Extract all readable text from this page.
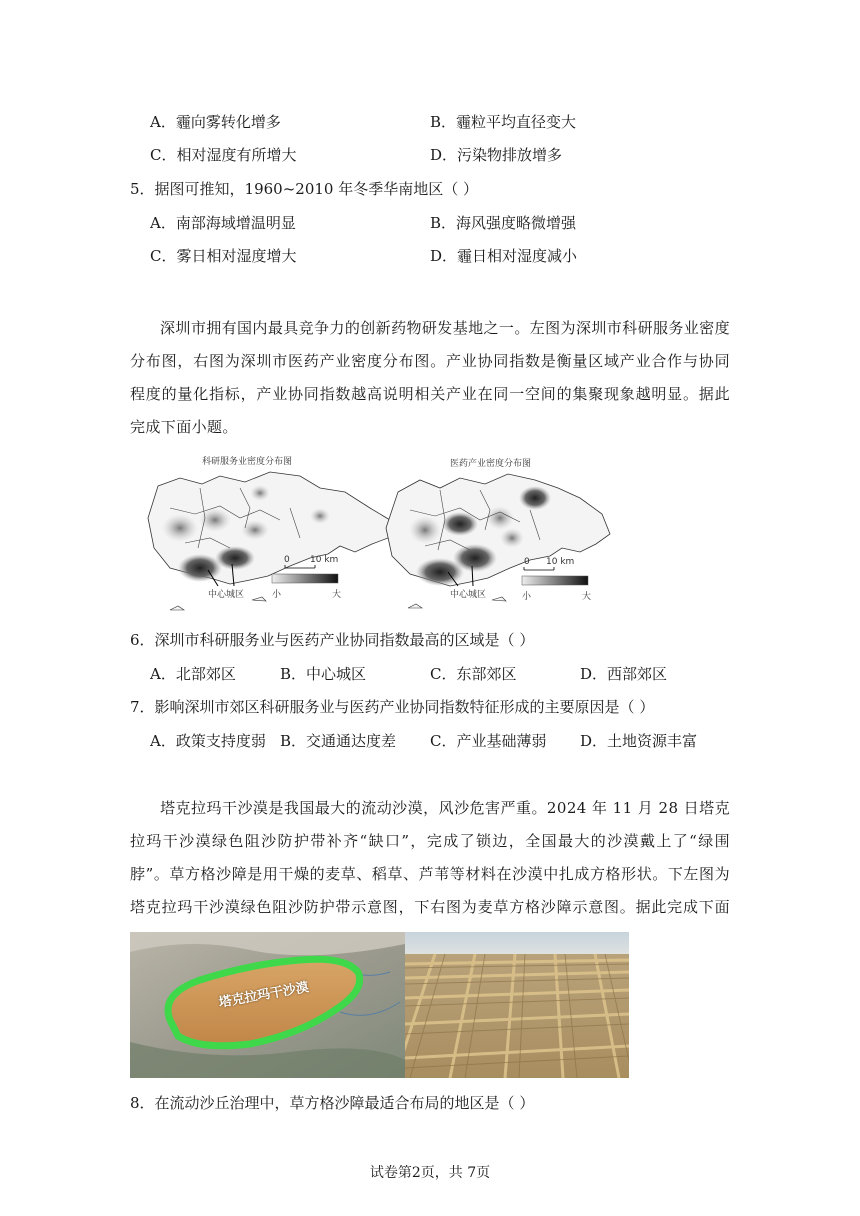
A．霾向雾转化增多	B．霾粒平均直径变大
C．相对湿度有所增大	D．污染物排放增多
5．据图可推知，1960~2010 年冬季华南地区（ ）
A．南部海域增温明显	B．海风强度略微增强
C．雾日相对湿度增大	D．霾日相对湿度减小
深圳市拥有国内最具竞争力的创新药物研发基地之一。左图为深圳市科研服务业密度分布图，右图为深圳市医药产业密度分布图。产业协同指数是衡量区域产业合作与协同程度的量化指标，产业协同指数越高说明相关产业在同一空间的集聚现象越明显。据此完成下面小题。
科研服务业密度分布图	医药产业密度分布图
0 10 km
小	大
中心城区
0 10 km
小	大
中心城区
6．深圳市科研服务业与医药产业协同指数最高的区域是（ ）
A．北部郊区	B．中心城区	C．东部郊区	D．西部郊区
7．影响深圳市郊区科研服务业与医药产业协同指数特征形成的主要原因是（ ）
A．政策支持度弱 B．交通通达度差 C．产业基础薄弱 D．土地资源丰富
塔克拉玛干沙漠是我国最大的流动沙漠，风沙危害严重。2024 年 11 月 28 日塔克拉玛干沙漠绿色阻沙防护带补齐“缺口”，完成了锁边，全国最大的沙漠戴上了“绿围脖”。草方格沙障是用干燥的麦草、稻草、芦苇等材料在沙漠中扎成方格形状。下左图为塔克拉玛干沙漠绿色阻沙防护带示意图，下右图为麦草方格沙障示意图。据此完成下面
塔克拉玛干沙漠
8．在流动沙丘治理中，草方格沙障最适合布局的地区是（ ）
试卷第2页，共 7页
